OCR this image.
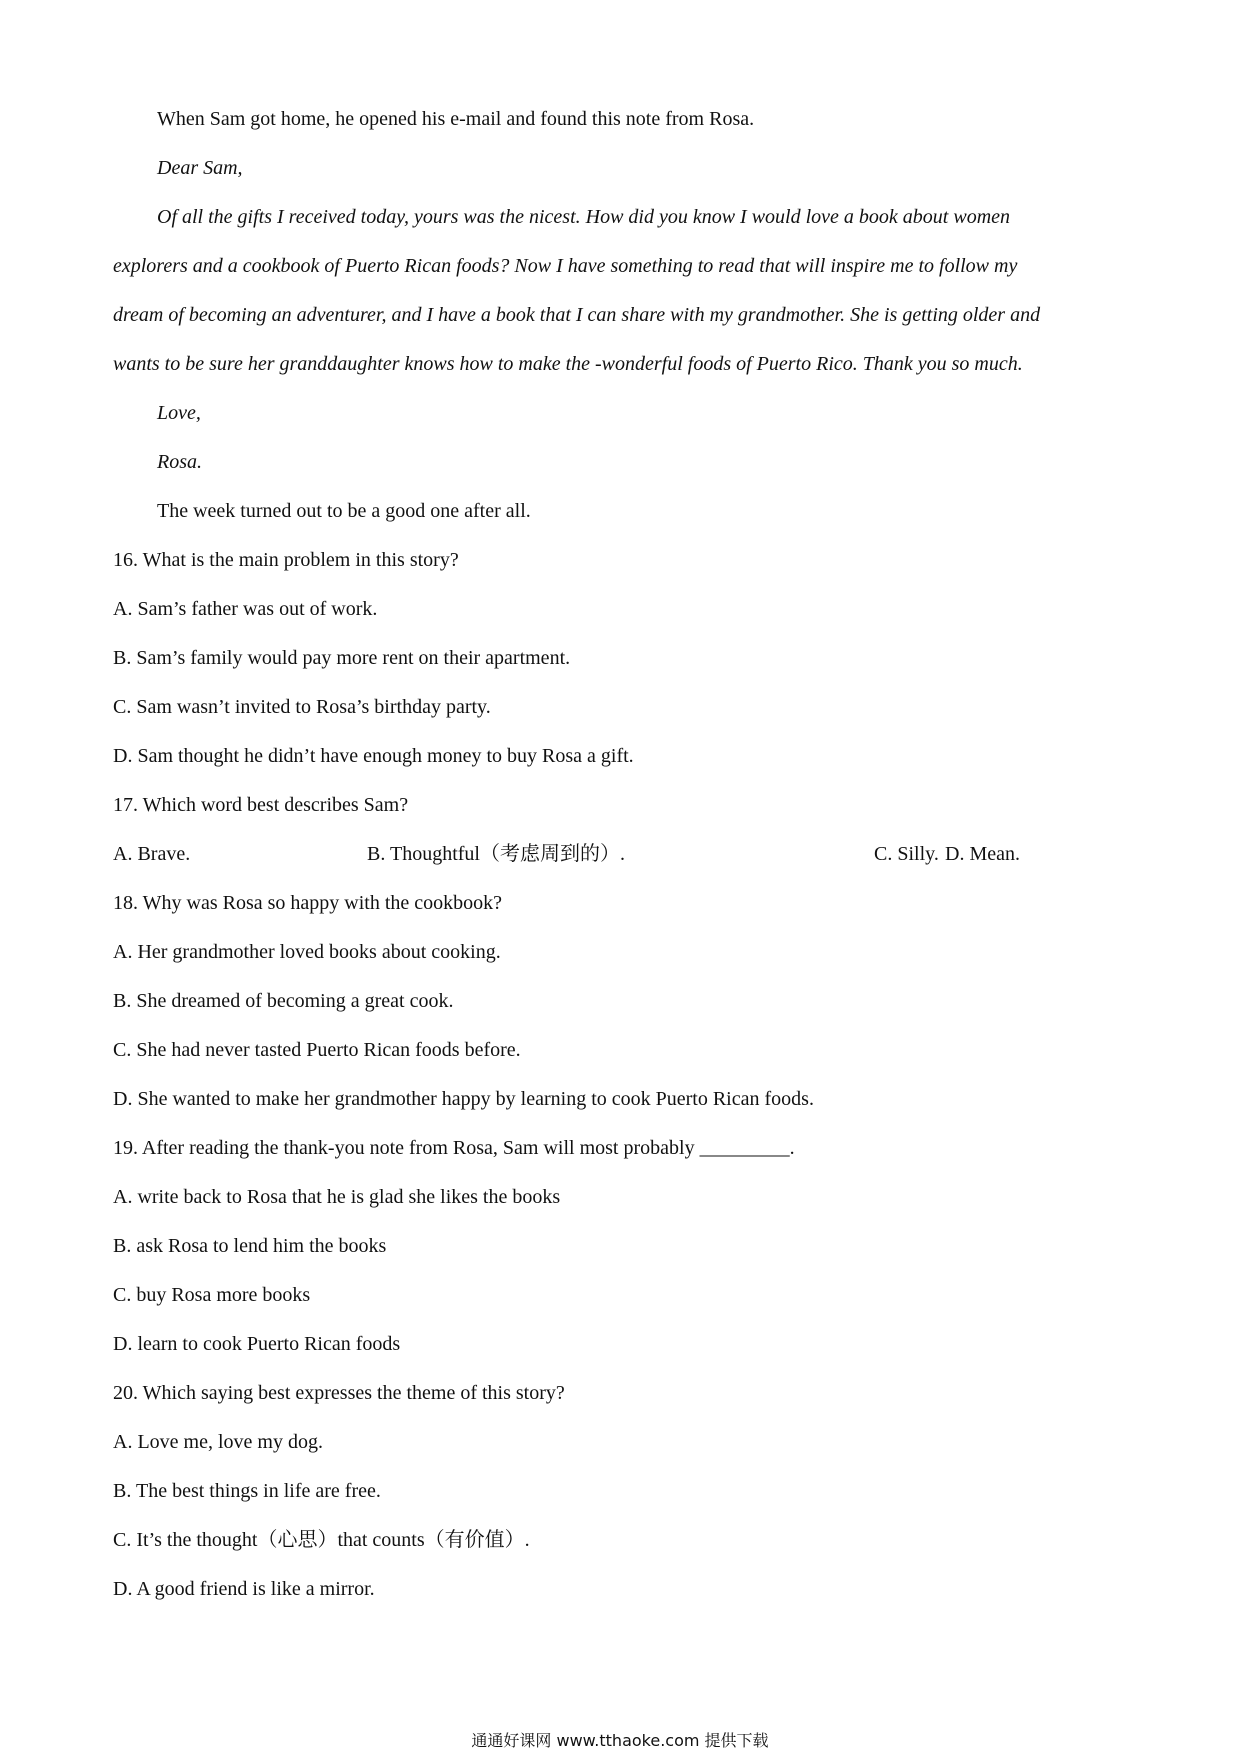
When Sam got home, he opened his e-mail and found this note from Rosa.
Dear Sam,
Of all the gifts I received today, yours was the nicest. How did you know I would love a book about women
explorers and a cookbook of Puerto Rican foods? Now I have something to read that will inspire me to follow my
dream of becoming an adventurer, and I have a book that I can share with my grandmother. She is getting older and
wants to be sure her granddaughter knows how to make the -wonderful foods of Puerto Rico. Thank you so much.
Love,
Rosa.
The week turned out to be a good one after all.
16. What is the main problem in this story?
A. Sam’s father was out of work.
B. Sam’s family would pay more rent on their apartment.
C. Sam wasn’t invited to Rosa’s birthday party.
D. Sam thought he didn’t have enough money to buy Rosa a gift.
17. Which word best describes Sam?
A. Brave.	B. Thoughtful（考虑周到的）.	C. Silly. D. Mean.
18. Why was Rosa so happy with the cookbook?
A. Her grandmother loved books about cooking.
B. She dreamed of becoming a great cook.
C. She had never tasted Puerto Rican foods before.
D. She wanted to make her grandmother happy by learning to cook Puerto Rican foods.
19. After reading the thank-you note from Rosa, Sam will most probably _________.
A. write back to Rosa that he is glad she likes the books
B. ask Rosa to lend him the books
C. buy Rosa more books
D. learn to cook Puerto Rican foods
20. Which saying best expresses the theme of this story?
A. Love me, love my dog.
B. The best things in life are free.
C. It’s the thought（心思）that counts（有价值）.
D. A good friend is like a mirror.
通通好课网 www.tthaoke.com 提供下载
